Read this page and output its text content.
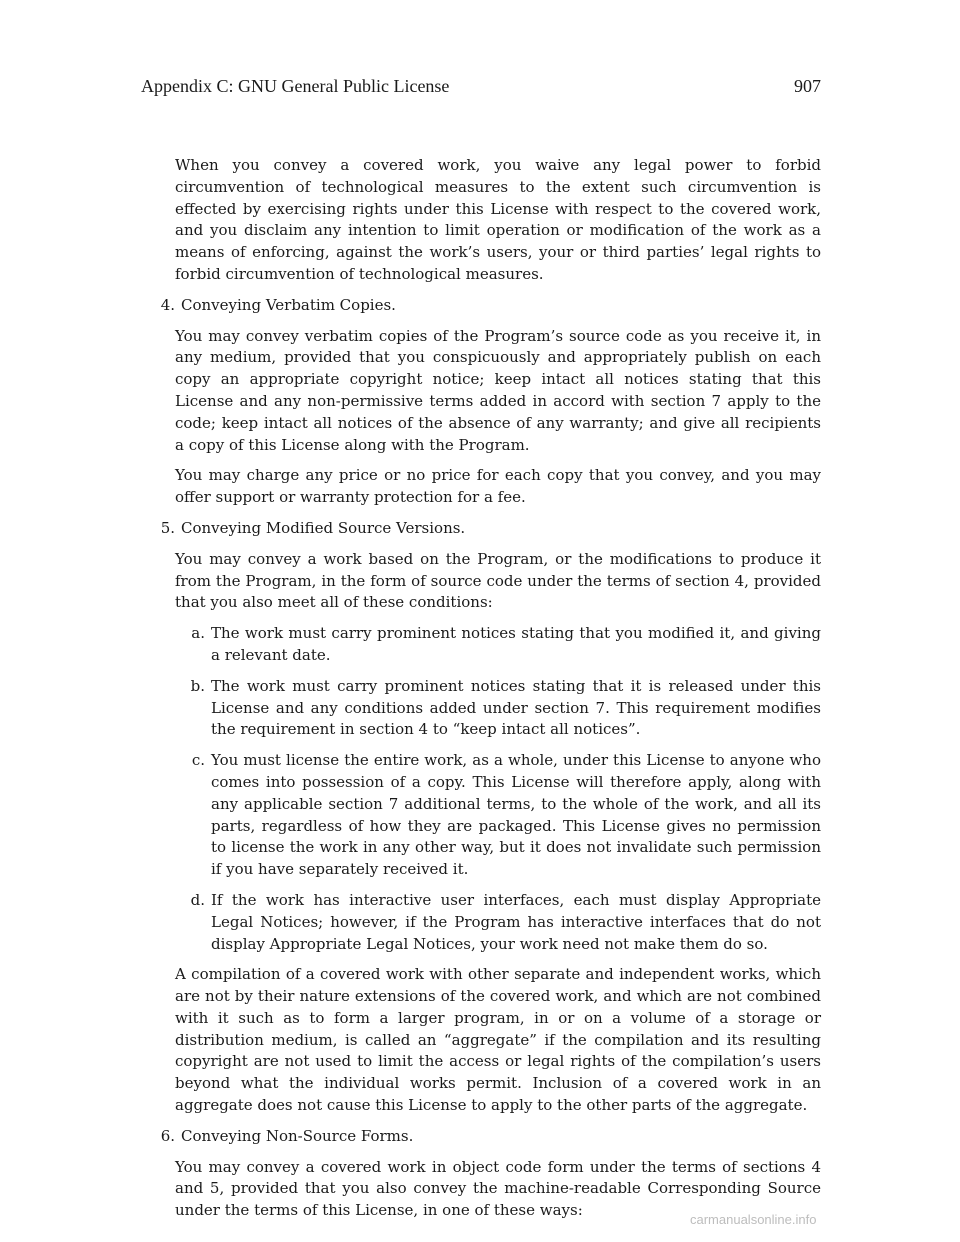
Appendix C: GNU General Public License	907

When you convey a covered work, you waive any legal power to forbid circumvention of technological measures to the extent such circumvention is effected by exercising rights under this License with respect to the covered work, and you disclaim any intention to limit operation or modification of the work as a means of enforcing, against the work’s users, your or third parties’ legal rights to forbid circumvention of technological measures.

4. Conveying Verbatim Copies.

You may convey verbatim copies of the Program’s source code as you receive it, in any medium, provided that you conspicuously and appropriately publish on each copy an appropriate copyright notice; keep intact all notices stating that this License and any non-permissive terms added in accord with section 7 apply to the code; keep intact all notices of the absence of any warranty; and give all recipients a copy of this License along with the Program.

You may charge any price or no price for each copy that you convey, and you may offer support or warranty protection for a fee.

5. Conveying Modified Source Versions.

You may convey a work based on the Program, or the modifications to produce it from the Program, in the form of source code under the terms of section 4, provided that you also meet all of these conditions:

a. The work must carry prominent notices stating that you modified it, and giving a relevant date.
b. The work must carry prominent notices stating that it is released under this License and any conditions added under section 7. This requirement modifies the requirement in section 4 to “keep intact all notices”.
c. You must license the entire work, as a whole, under this License to anyone who comes into possession of a copy. This License will therefore apply, along with any applicable section 7 additional terms, to the whole of the work, and all its parts, regardless of how they are packaged. This License gives no permission to license the work in any other way, but it does not invalidate such permission if you have separately received it.
d. If the work has interactive user interfaces, each must display Appropriate Legal Notices; however, if the Program has interactive interfaces that do not display Appropriate Legal Notices, your work need not make them do so.

A compilation of a covered work with other separate and independent works, which are not by their nature extensions of the covered work, and which are not combined with it such as to form a larger program, in or on a volume of a storage or distribution medium, is called an “aggregate” if the compilation and its resulting copyright are not used to limit the access or legal rights of the compilation’s users beyond what the individual works permit. Inclusion of a covered work in an aggregate does not cause this License to apply to the other parts of the aggregate.

6. Conveying Non-Source Forms.

You may convey a covered work in object code form under the terms of sections 4 and 5, provided that you also convey the machine-readable Corresponding Source under the terms of this License, in one of these ways:

carmanualsonline.info
